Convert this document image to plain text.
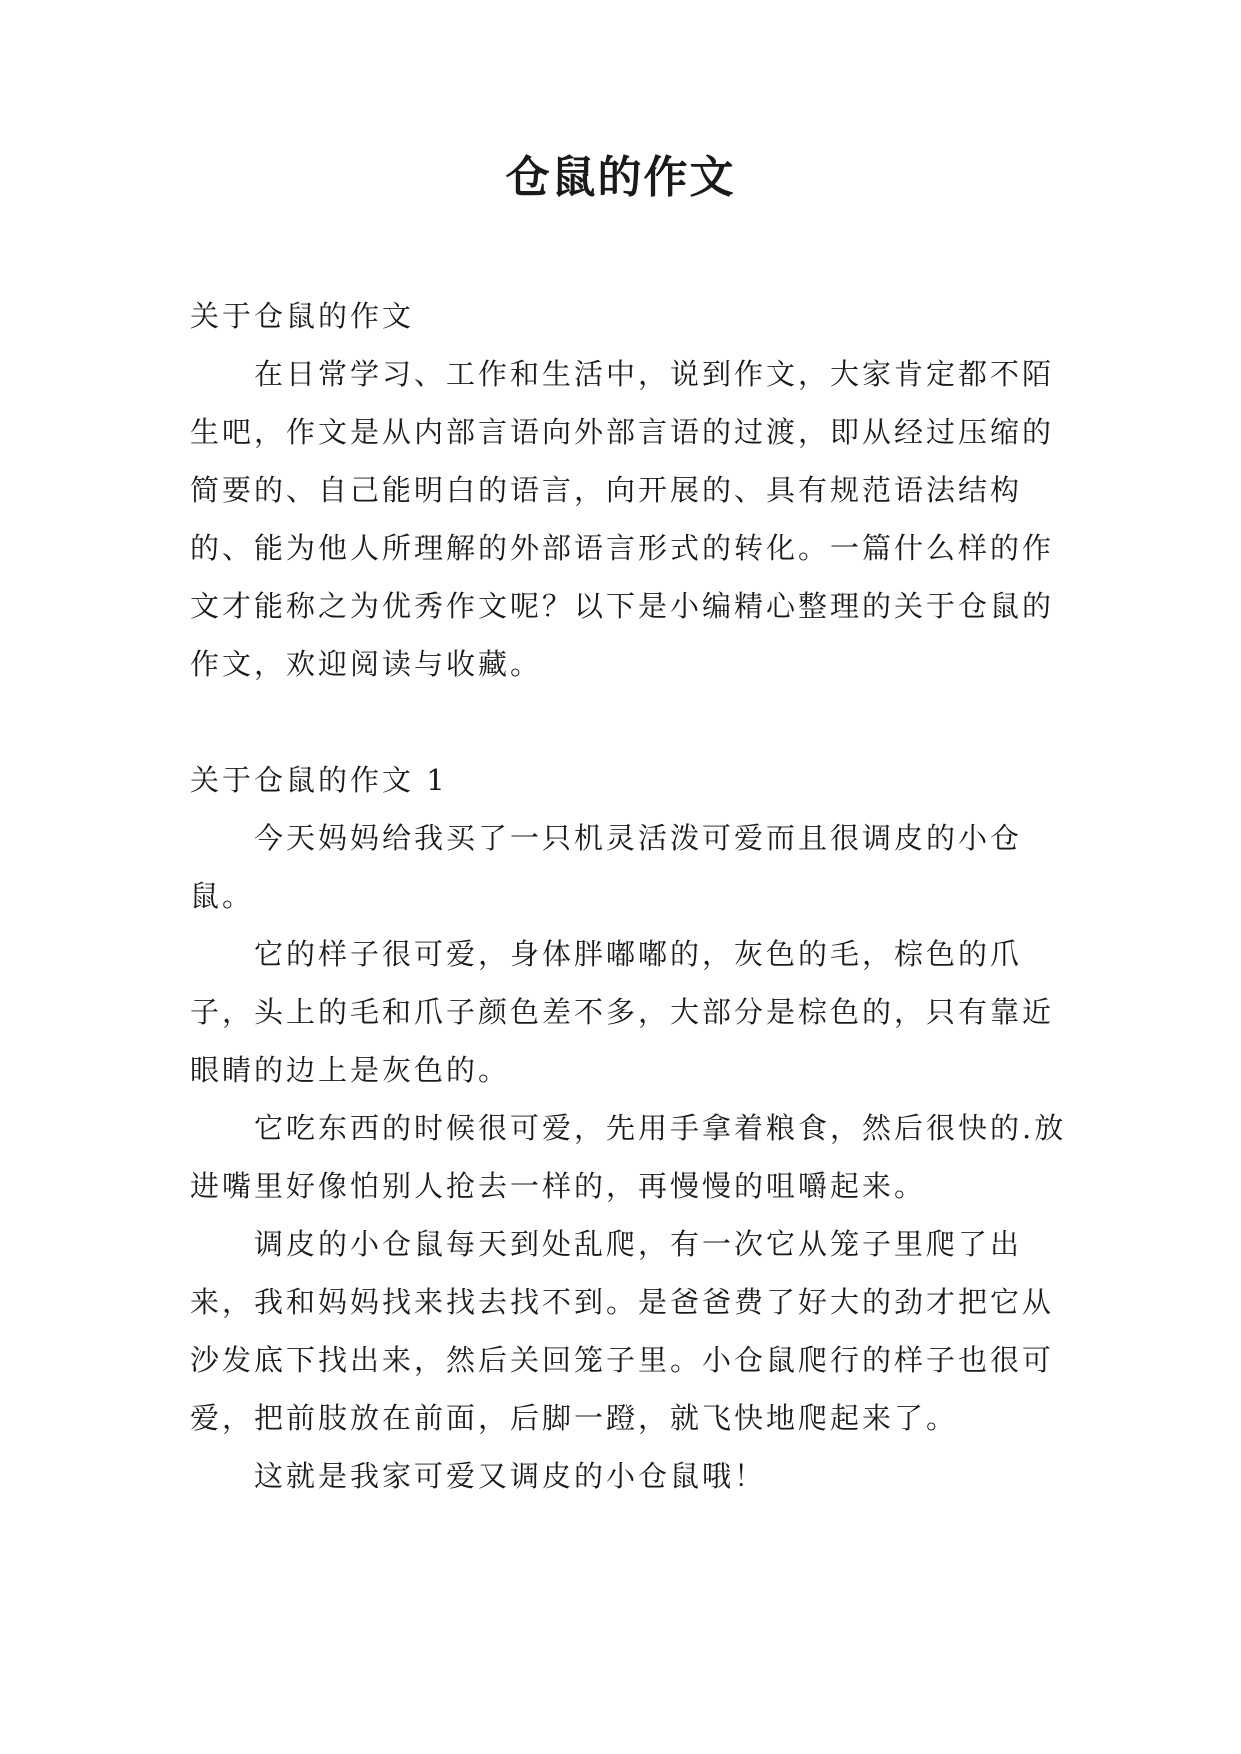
仓鼠的作文
关于仓鼠的作文

在日常学习、工作和生活中，说到作文，大家肯定都不陌生吧，作文是从内部言语向外部言语的过渡，即从经过压缩的简要的、自己能明白的语言，向开展的、具有规范语法结构的、能为他人所理解的外部语言形式的转化。一篇什么样的作文才能称之为优秀作文呢？以下是小编精心整理的关于仓鼠的作文，欢迎阅读与收藏。

关于仓鼠的作文 1

今天妈妈给我买了一只机灵活泼可爱而且很调皮的小仓鼠。

它的样子很可爱，身体胖嘟嘟的，灰色的毛，棕色的爪子，头上的毛和爪子颜色差不多，大部分是棕色的，只有靠近眼睛的边上是灰色的。

它吃东西的时候很可爱，先用手拿着粮食，然后很快的.放进嘴里好像怕别人抢去一样的，再慢慢的咀嚼起来。

调皮的小仓鼠每天到处乱爬，有一次它从笼子里爬了出来，我和妈妈找来找去找不到。是爸爸费了好大的劲才把它从沙发底下找出来，然后关回笼子里。小仓鼠爬行的样子也很可爱，把前肢放在前面，后脚一蹬，就飞快地爬起来了。

这就是我家可爱又调皮的小仓鼠哦！
